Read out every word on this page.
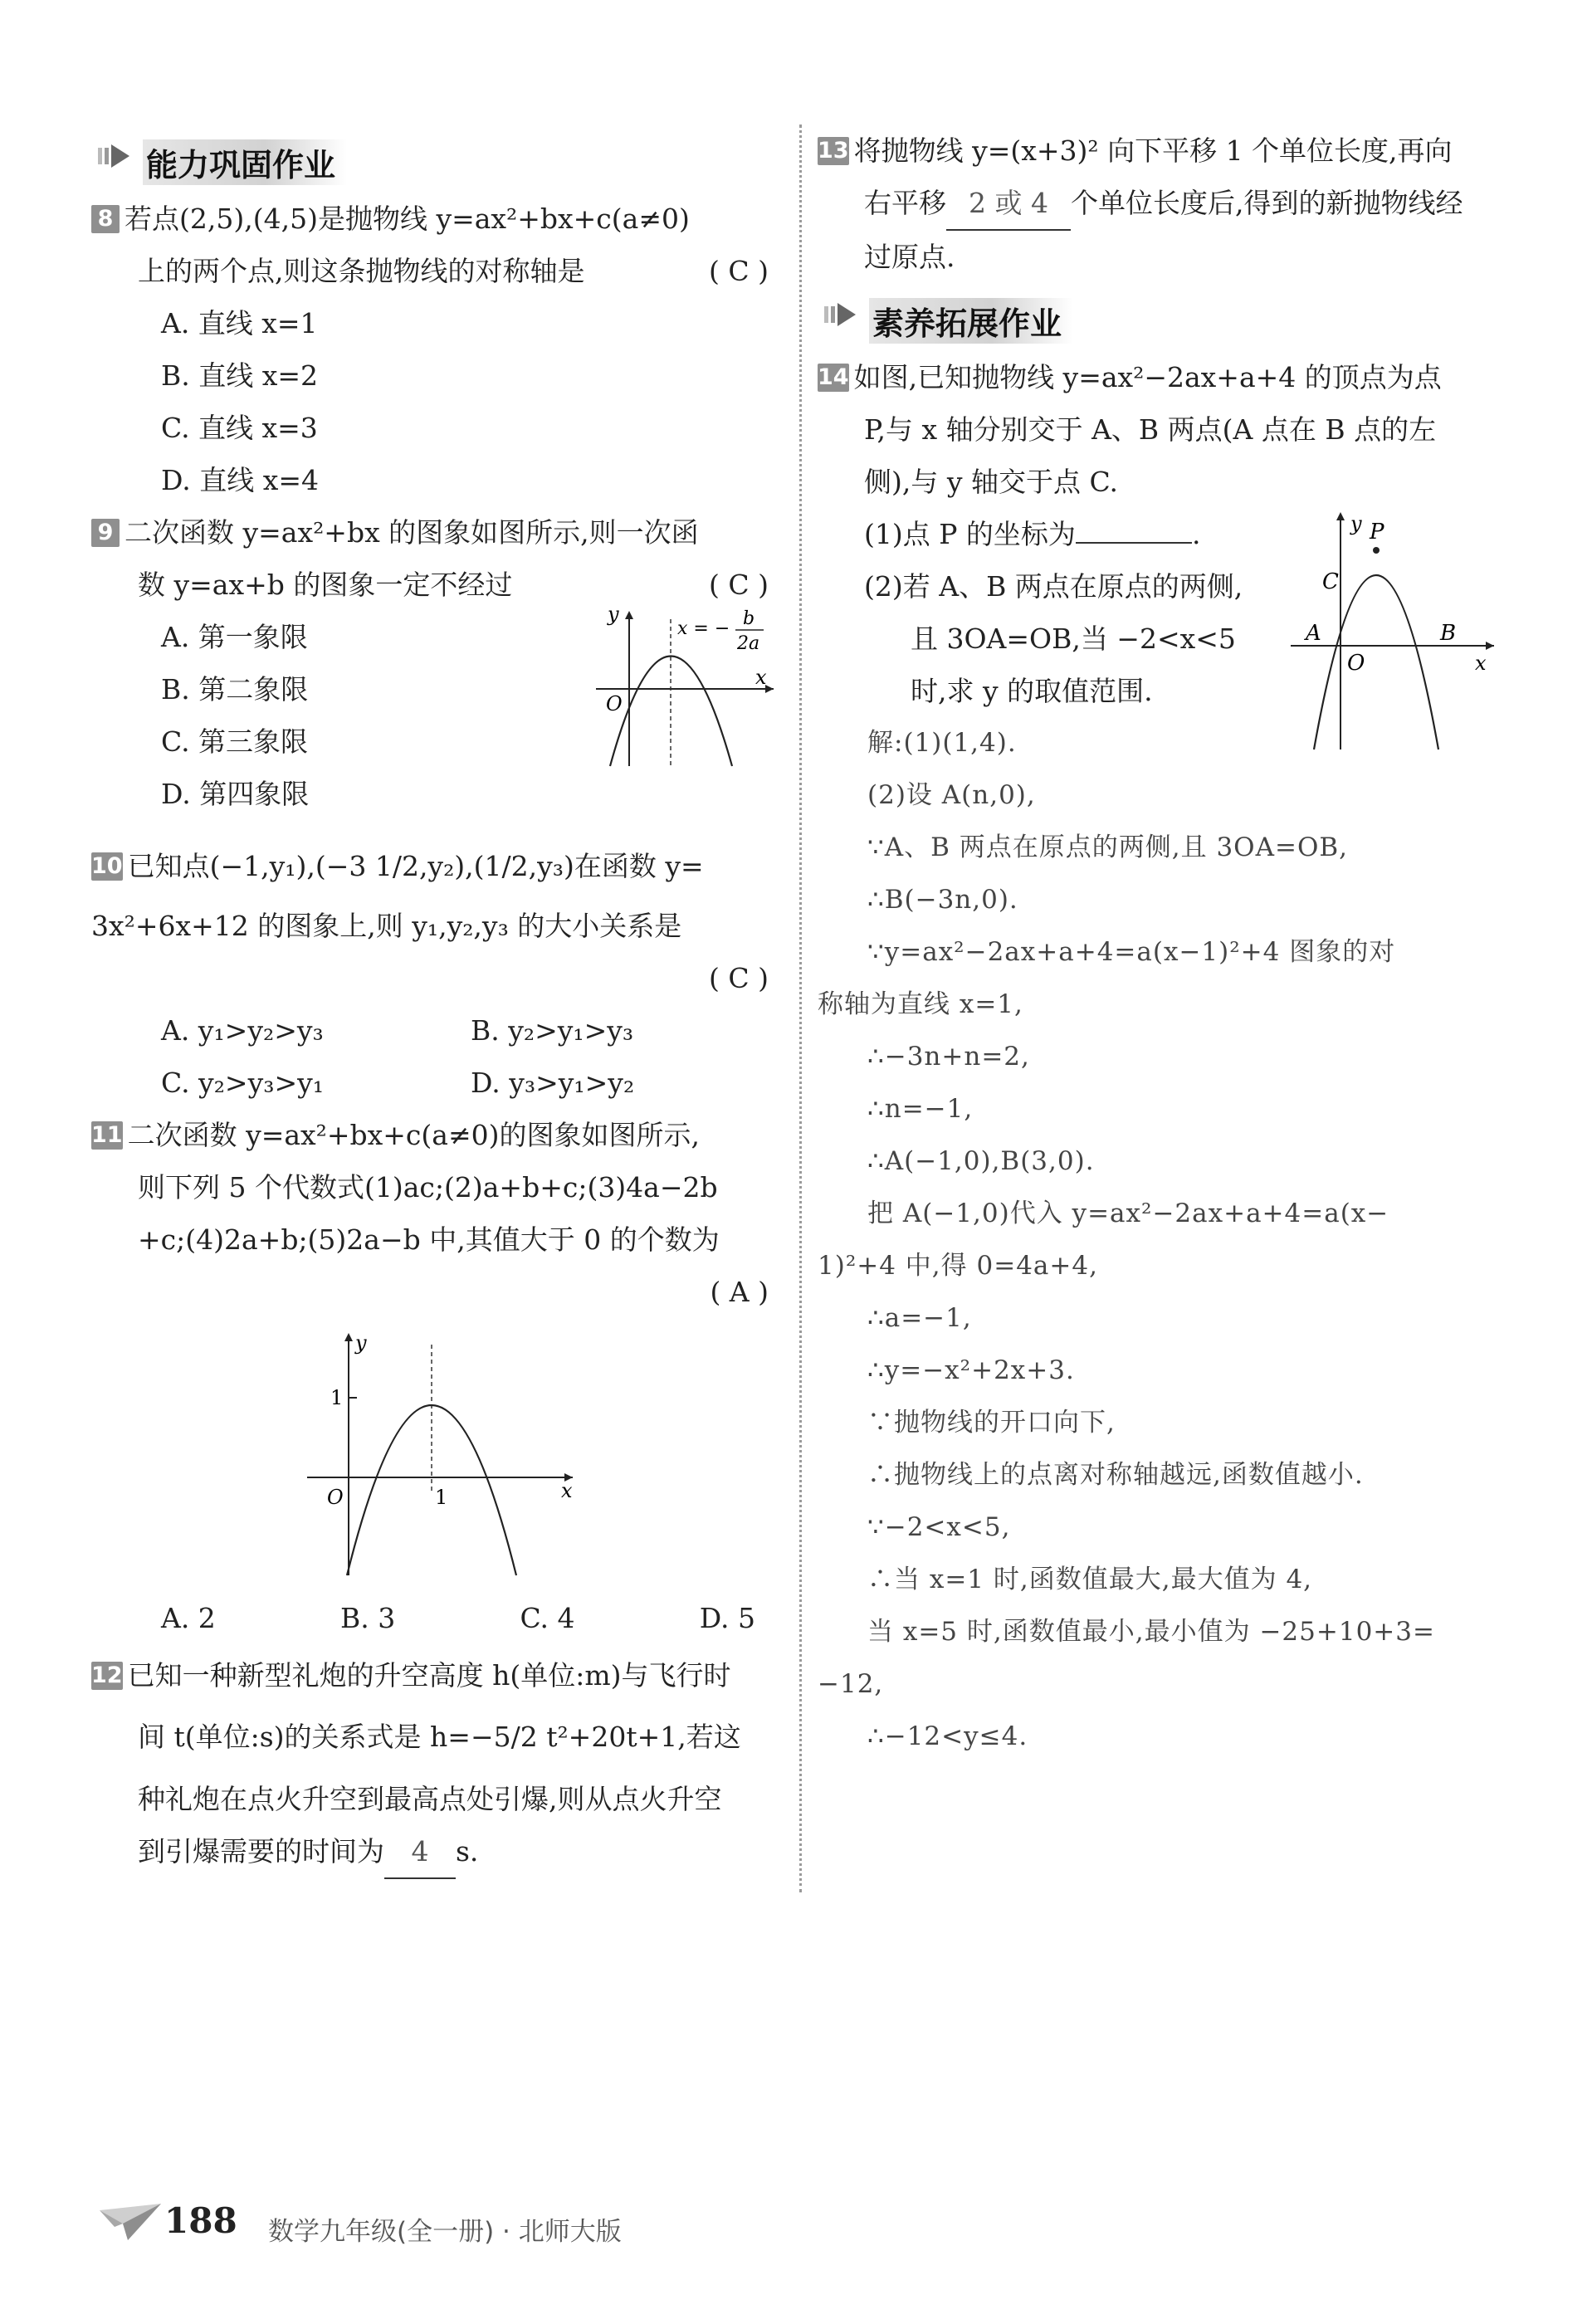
能力巩固作业
8 若点(2,5),(4,5)是抛物线 y=ax²+bx+c(a≠0)
上的两个点,则这条抛物线的对称轴是	( C )
A. 直线 x=1
B. 直线 x=2
C. 直线 x=3
D. 直线 x=4
9 二次函数 y=ax²+bx 的图象如图所示,则一次函
数 y=ax+b 的图象一定不经过	( C )
A. 第一象限
B. 第二象限
C. 第三象限
D. 第四象限
y
x
O
x = − b
2a
10 已知点(−1,y₁),(−3 1/2,y₂),(1/2,y₃)在函数 y=
3x²+6x+12 的图象上,则 y₁,y₂,y₃ 的大小关系是
( C )
A. y₁>y₂>y₃	B. y₂>y₁>y₃
C. y₂>y₃>y₁	D. y₃>y₁>y₂
11 二次函数 y=ax²+bx+c(a≠0)的图象如图所示,
则下列 5 个代数式(1)ac;(2)a+b+c;(3)4a−2b
+c;(4)2a+b;(5)2a−b 中,其值大于 0 的个数为
( A )
y
x
O
1
1
A. 2	B. 3	C. 4	D. 5
12 已知一种新型礼炮的升空高度 h(单位:m)与飞行时
间 t(单位:s)的关系式是 h=−5/2 t²+20t+1,若这
种礼炮在点火升空到最高点处引爆,则从点火升空
到引爆需要的时间为 4 s.
13 将抛物线 y=(x+3)² 向下平移 1 个单位长度,再向
右平移 2 或 4 个单位长度后,得到的新抛物线经
过原点.
素养拓展作业
14 如图,已知抛物线 y=ax²−2ax+a+4 的顶点为点
P,与 x 轴分别交于 A、B 两点(A 点在 B 点的左
侧),与 y 轴交于点 C.
(1)点 P 的坐标为	.
(2)若 A、B 两点在原点的两侧,
且 3OA=OB,当 −2<x<5
时,求 y 的取值范围.
y P
C
A	B
O	x
解:(1)(1,4).
(2)设 A(n,0),
∵A、B 两点在原点的两侧,且 3OA=OB,
∴B(−3n,0).
∵y=ax²−2ax+a+4=a(x−1)²+4 图象的对
称轴为直线 x=1,
∴−3n+n=2,
∴n=−1,
∴A(−1,0),B(3,0).
把 A(−1,0)代入 y=ax²−2ax+a+4=a(x−
1)²+4 中,得 0=4a+4,
∴a=−1,
∴y=−x²+2x+3.
∵抛物线的开口向下,
∴抛物线上的点离对称轴越远,函数值越小.
∵−2<x<5,
∴当 x=1 时,函数值最大,最大值为 4,
当 x=5 时,函数值最小,最小值为 −25+10+3=
−12,
∴−12<y≤4.
188 数学九年级(全一册) · 北师大版
